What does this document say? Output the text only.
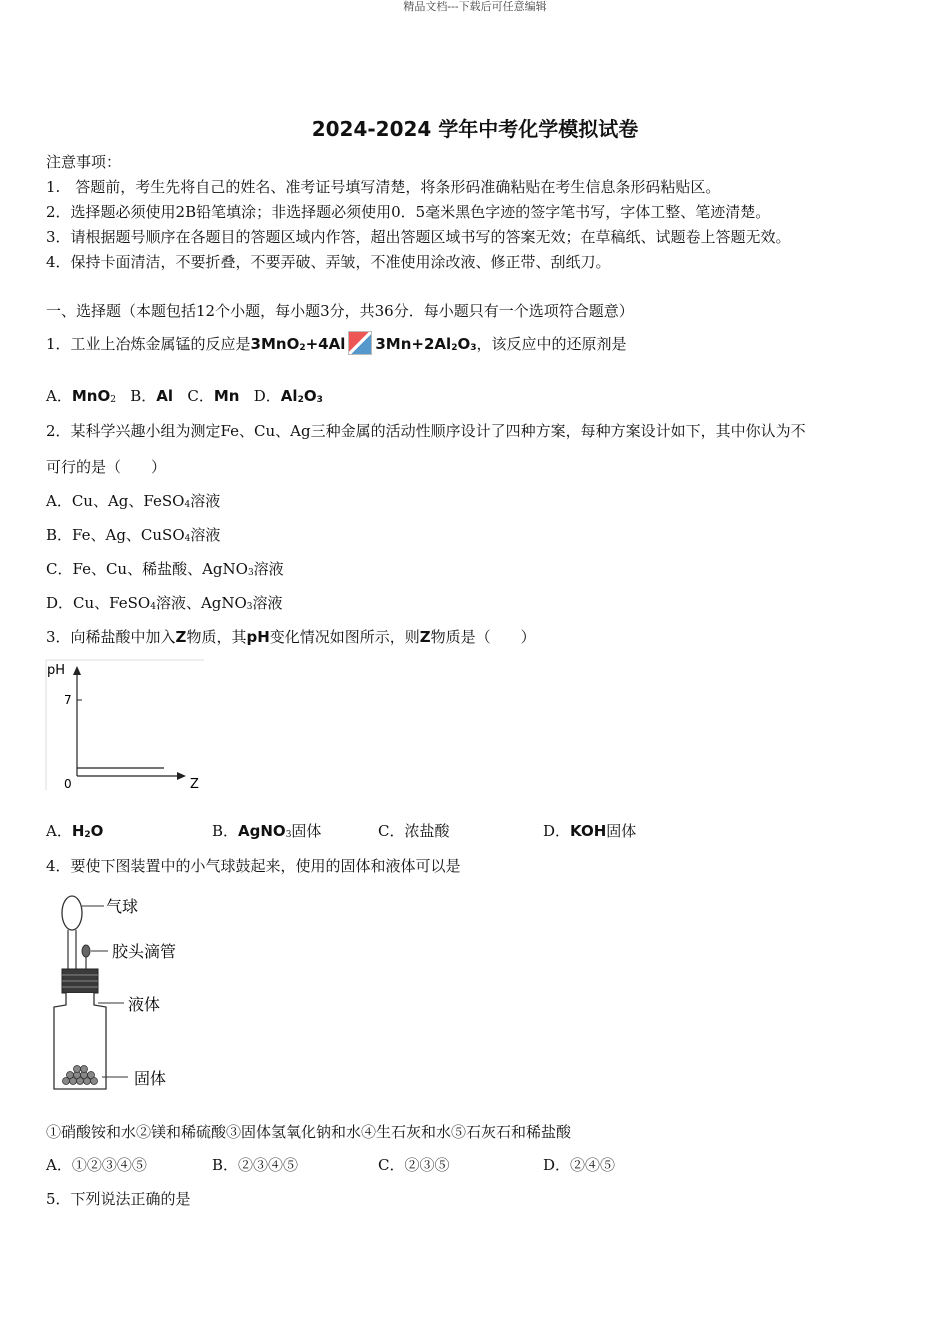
精品文档---下载后可任意编辑
2024-2024 学年中考化学模拟试卷
注意事项：
1.　答题前，考生先将自己的姓名、准考证号填写清楚，将条形码准确粘贴在考生信息条形码粘贴区。
2．选择题必须使用2B铅笔填涂；非选择题必须使用0．5毫米黑色字迹的签字笔书写，字体工整、笔迹清楚。
3．请根据题号顺序在各题目的答题区域内作答，超出答题区域书写的答案无效；在草稿纸、试题卷上答题无效。
4．保持卡面清洁，不要折叠，不要弄破、弄皱，不准使用涂改液、修正带、刮纸刀。
一、选择题（本题包括12个小题，每小题3分，共36分．每小题只有一个选项符合题意）
1．工业上冶炼金属锰的反应是3MnO$_2$+4Al $3Mn+2Al_2O_3$，该反应中的还原剂是
A．MnO$_2$ B．Al C．Mn D．$Al_2O_3$
2．某科学兴趣小组为测定Fe、Cu、Ag三种金属的活动性顺序设计了四种方案，每种方案设计如下，其中你认为不
可行的是（　　）
A．Cu、Ag、FeSO$_4$溶液
B．Fe、Ag、CuSO$_4$溶液
C．Fe、Cu、稀盐酸、AgNO$_3$溶液
D．Cu、FeSO$_4$溶液、AgNO$_3$溶液
3．向稀盐酸中加入Z物质，其pH变化情况如图所示，则Z物质是（　　）
pH
7
0	Z
A．$H_2O$	B．AgNO$_3$固体	C．浓盐酸	D．KOH固体
4．要使下图装置中的小气球鼓起来，使用的固体和液体可以是
气球
胶头滴管
液体
固体
①硝酸铵和水②镁和稀硫酸③固体氢氧化钠和水④生石灰和水⑤石灰石和稀盐酸
A．①②③④⑤	B．②③④⑤	C．②③⑤	D．②④⑤
5．下列说法正确的是
